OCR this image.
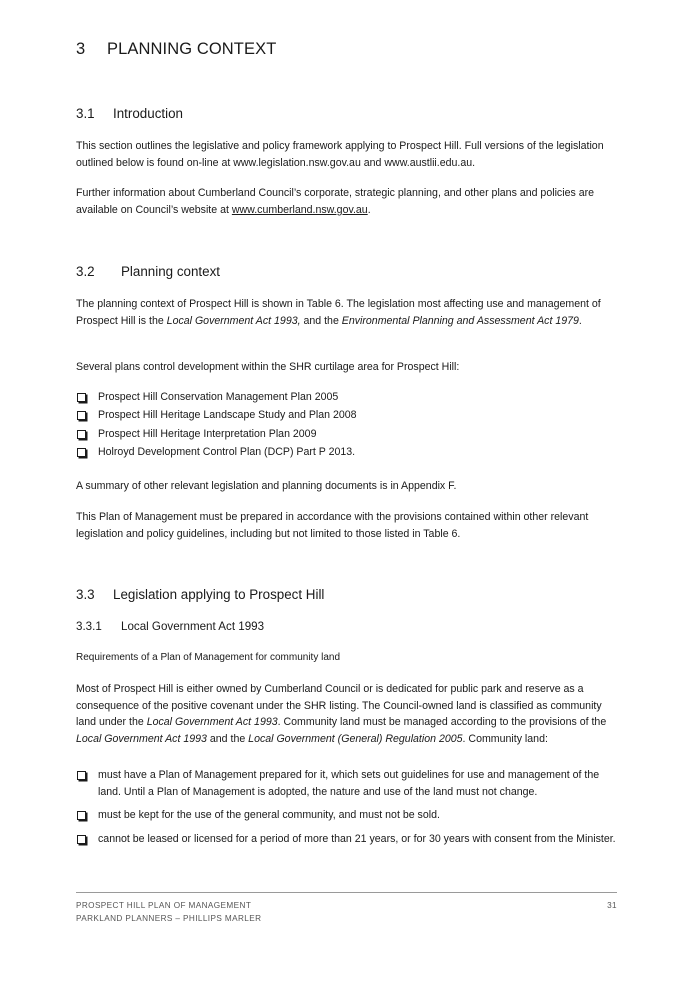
3 PLANNING CONTEXT
3.1 Introduction
This section outlines the legislative and policy framework applying to Prospect Hill. Full versions of the legislation outlined below is found on-line at www.legislation.nsw.gov.au and www.austlii.edu.au.
Further information about Cumberland Council’s corporate, strategic planning, and other plans and policies are available on Council’s website at www.cumberland.nsw.gov.au.
3.2 Planning context
The planning context of Prospect Hill is shown in Table 6. The legislation most affecting use and management of Prospect Hill is the Local Government Act 1993, and the Environmental Planning and Assessment Act 1979.
Several plans control development within the SHR curtilage area for Prospect Hill:
Prospect Hill Conservation Management Plan 2005
Prospect Hill Heritage Landscape Study and Plan 2008
Prospect Hill Heritage Interpretation Plan 2009
Holroyd Development Control Plan (DCP) Part P 2013.
A summary of other relevant legislation and planning documents is in Appendix F.
This Plan of Management must be prepared in accordance with the provisions contained within other relevant legislation and policy guidelines, including but not limited to those listed in Table 6.
3.3 Legislation applying to Prospect Hill
3.3.1 Local Government Act 1993
Requirements of a Plan of Management for community land
Most of Prospect Hill is either owned by Cumberland Council or is dedicated for public park and reserve as a consequence of the positive covenant under the SHR listing. The Council-owned land is classified as community land under the Local Government Act 1993. Community land must be managed according to the provisions of the Local Government Act 1993 and the Local Government (General) Regulation 2005. Community land:
must have a Plan of Management prepared for it, which sets out guidelines for use and management of the land. Until a Plan of Management is adopted, the nature and use of the land must not change.
must be kept for the use of the general community, and must not be sold.
cannot be leased or licensed for a period of more than 21 years, or for 30 years with consent from the Minister.
PROSPECT HILL PLAN OF MANAGEMENT
PARKLAND PLANNERS – PHILLIPS MARLER
31
